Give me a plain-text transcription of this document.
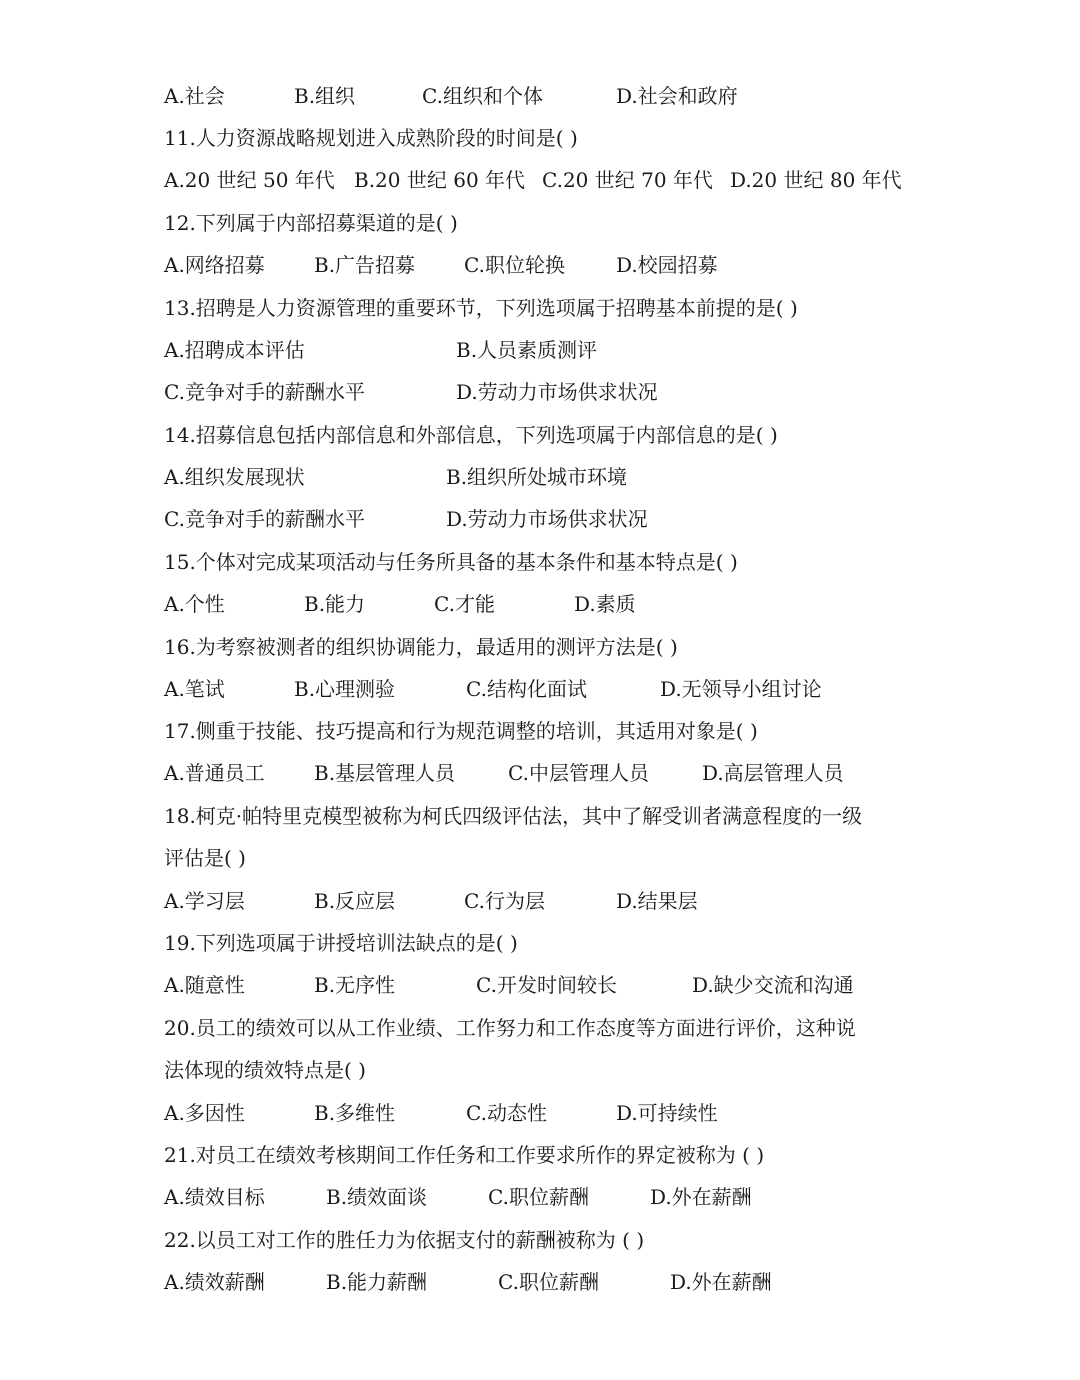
A.社会	B.组织	C.组织和个体	D.社会和政府
11.人力资源战略规划进入成熟阶段的时间是( )
A.20 世纪 50 年代 B.20 世纪 60 年代 C.20 世纪 70 年代 D.20 世纪 80 年代
12.下列属于内部招募渠道的是( )
A.网络招募 B.广告招募 C.职位轮换	D.校园招募
13.招聘是人力资源管理的重要环节，下列选项属于招聘基本前提的是( )
A.招聘成本评估	B.人员素质测评
C.竞争对手的薪酬水平	D.劳动力市场供求状况
14.招募信息包括内部信息和外部信息，下列选项属于内部信息的是( )
A.组织发展现状	B.组织所处城市环境
C.竞争对手的薪酬水平	D.劳动力市场供求状况
15.个体对完成某项活动与任务所具备的基本条件和基本特点是( )
A.个性	B.能力	C.才能	D.素质
16.为考察被测者的组织协调能力，最适用的测评方法是( )
A.笔试	B.心理测验	C.结构化面试	D.无领导小组讨论
17.侧重于技能、技巧提高和行为规范调整的培训，其适用对象是( )
A.普通员工 B.基层管理人员	C.中层管理人员	D.高层管理人员
18.柯克·帕特里克模型被称为柯氏四级评估法，其中了解受训者满意程度的一级
评估是( )
A.学习层	B.反应层	C.行为层	D.结果层
19.下列选项属于讲授培训法缺点的是( )
A.随意性	B.无序性	C.开发时间较长	D.缺少交流和沟通
20.员工的绩效可以从工作业绩、工作努力和工作态度等方面进行评价，这种说
法体现的绩效特点是( )
A.多因性	B.多维性	C.动态性	D.可持续性
21.对员工在绩效考核期间工作任务和工作要求所作的界定被称为 ( )
A.绩效目标	B.绩效面谈	C.职位薪酬	D.外在薪酬
22.以员工对工作的胜任力为依据支付的薪酬被称为 ( )
A.绩效薪酬	B.能力薪酬	C.职位薪酬	D.外在薪酬
